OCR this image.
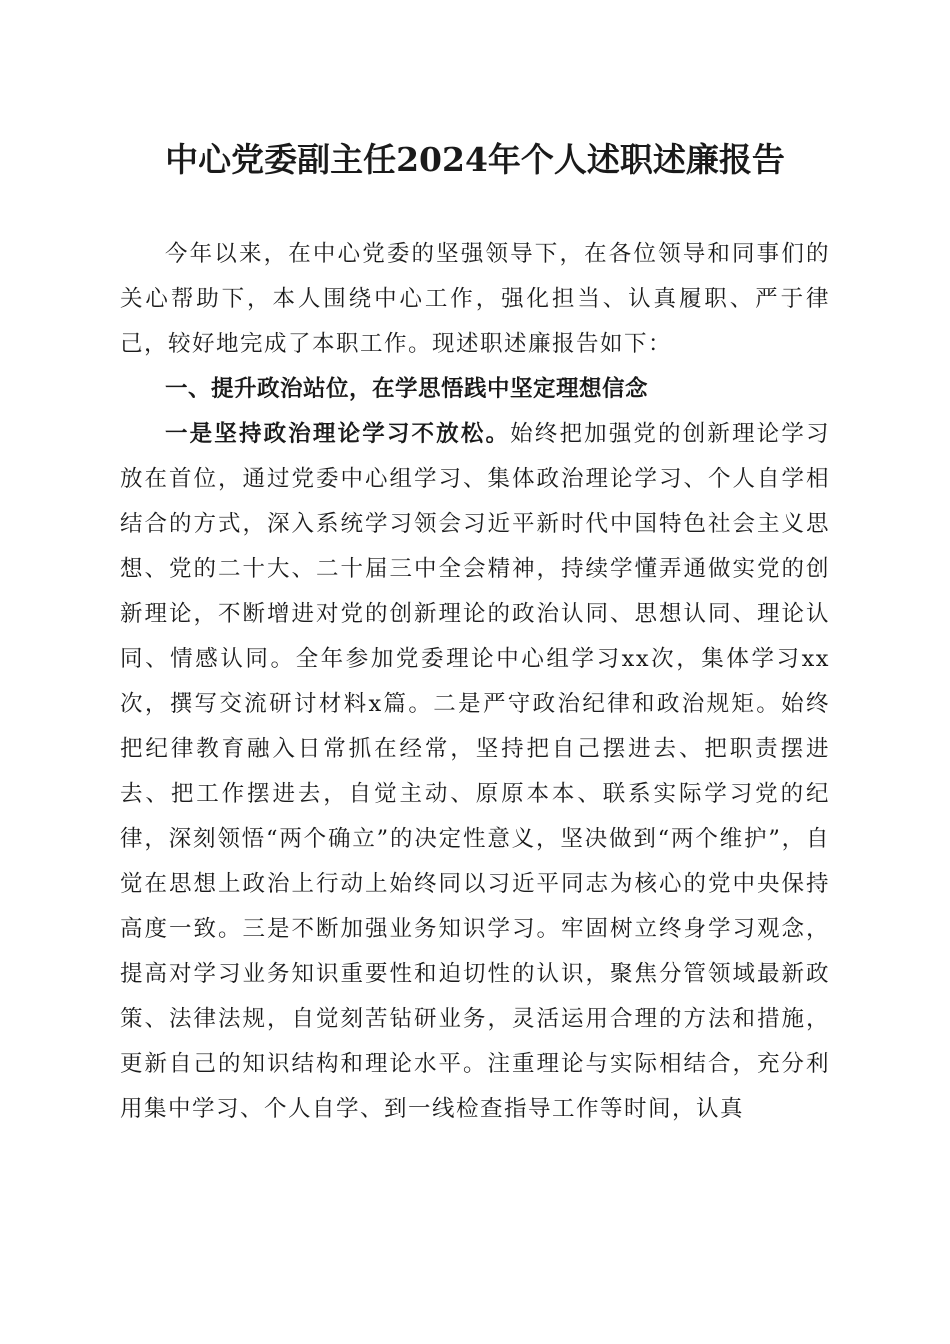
中心党委副主任2024年个人述职述廉报告

今年以来，在中心党委的坚强领导下，在各位领导和同事们的关心帮助下，本人围绕中心工作，强化担当、认真履职、严于律己，较好地完成了本职工作。现述职述廉报告如下：

一、提升政治站位，在学思悟践中坚定理想信念

一是坚持政治理论学习不放松。始终把加强党的创新理论学习放在首位，通过党委中心组学习、集体政治理论学习、个人自学相结合的方式，深入系统学习领会习近平新时代中国特色社会主义思想、党的二十大、二十届三中全会精神，持续学懂弄通做实党的创新理论，不断增进对党的创新理论的政治认同、思想认同、理论认同、情感认同。全年参加党委理论中心组学习xx次，集体学习xx次，撰写交流研讨材料x篇。二是严守政治纪律和政治规矩。始终把纪律教育融入日常抓在经常，坚持把自己摆进去、把职责摆进去、把工作摆进去，自觉主动、原原本本、联系实际学习党的纪律，深刻领悟“两个确立”的决定性意义，坚决做到“两个维护”，自觉在思想上政治上行动上始终同以习近平同志为核心的党中央保持高度一致。三是不断加强业务知识学习。牢固树立终身学习观念，提高对学习业务知识重要性和迫切性的认识，聚焦分管领域最新政策、法律法规，自觉刻苦钻研业务，灵活运用合理的方法和措施，更新自己的知识结构和理论水平。注重理论与实际相结合，充分利用集中学习、个人自学、到一线检查指导工作等时间，认真
